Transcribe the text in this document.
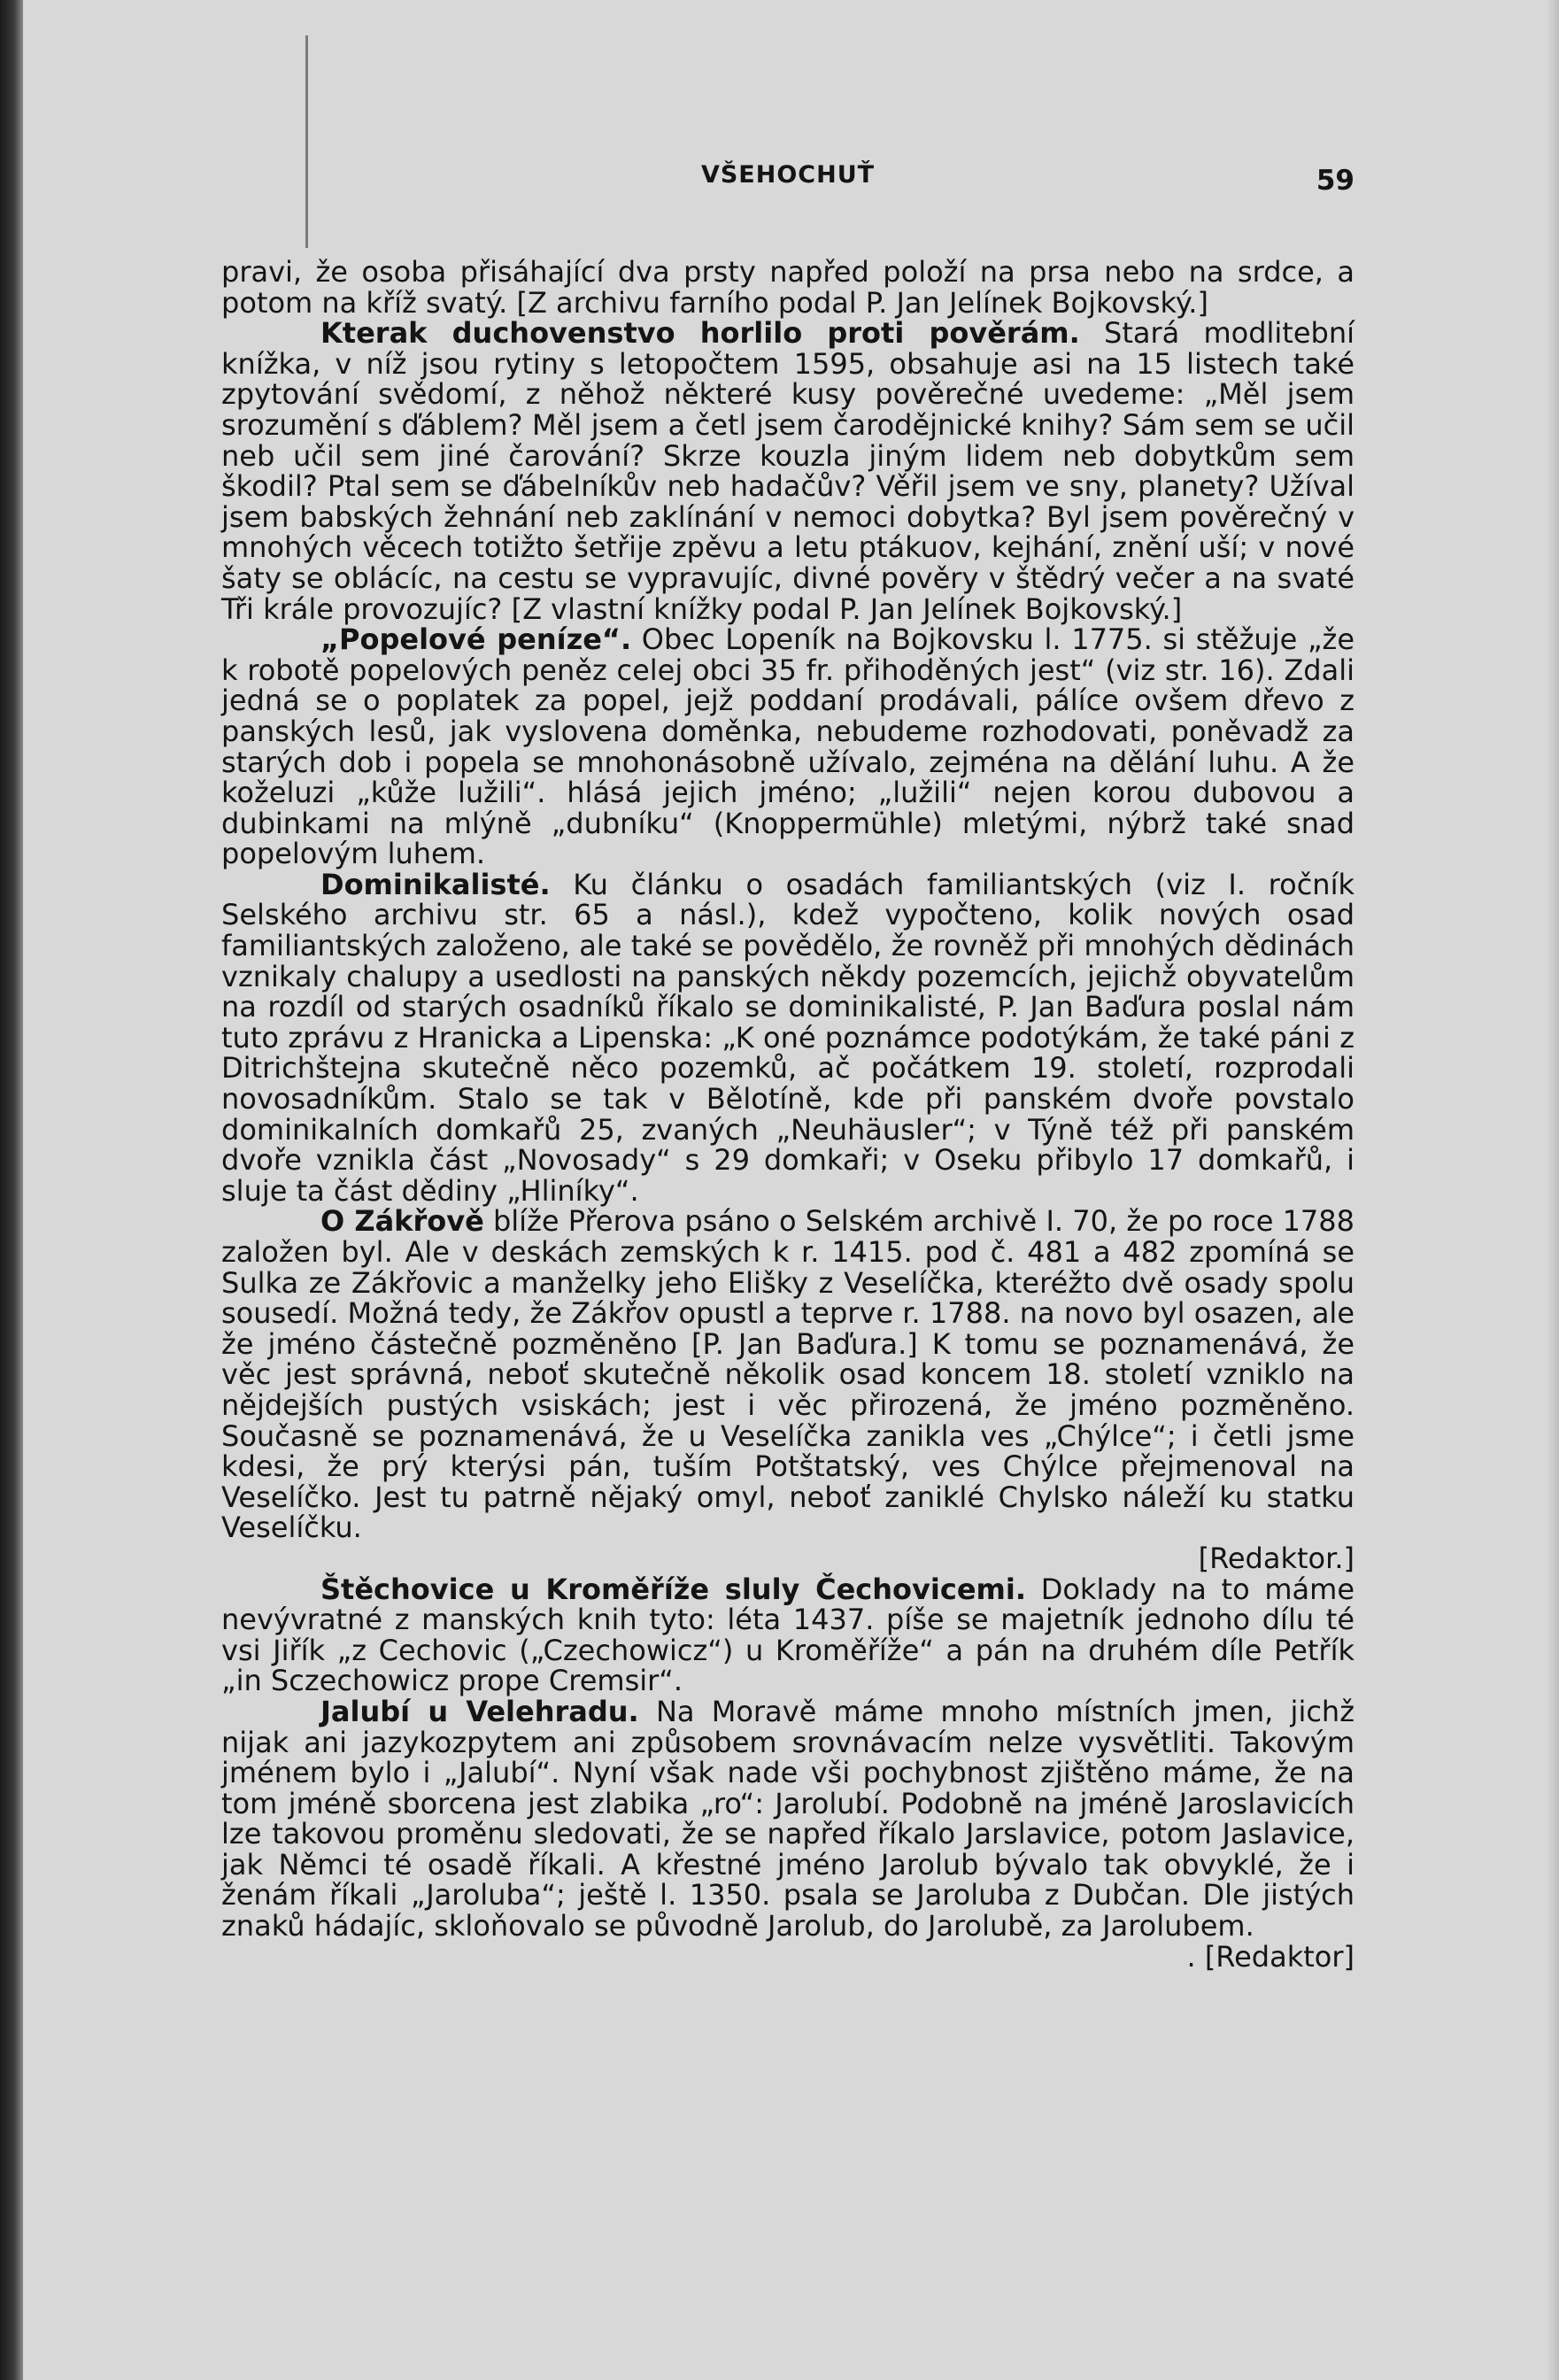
VŠEHOCHUŤ	59

pravi, že osoba přisáhající dva prsty napřed položí na prsa nebo na srdce, a potom na kříž svatý. [Z archivu farního podal P. Jan Jelínek Bojkovský.]

Kterak duchovenstvo horlilo proti pověrám. Stará modlitební knížka, v níž jsou rytiny s letopočtem 1595, obsahuje asi na 15 listech také zpytování svědomí, z něhož některé kusy pověrečné uvedeme: „Měl jsem srozumění s ďáblem? Měl jsem a četl jsem čarodějnické knihy? Sám sem se učil neb učil sem jiné čarování? Skrze kouzla jiným lidem neb dobytkům sem škodil? Ptal sem se ďábelníkův neb hadačův? Věřil jsem ve sny, planety? Užíval jsem babských žehnání neb zaklínání v nemoci dobytka? Byl jsem pověrečný v mnohých věcech totižto šetřije zpěvu a letu ptákuov, kejhání, znění uší; v nové šaty se oblácíc, na cestu se vypravujíc, divné pověry v štědrý večer a na svaté Tři krále provozujíc? [Z vlastní knížky podal P. Jan Jelínek Bojkovský.]

„Popelové peníze“. Obec Lopeník na Bojkovsku l. 1775. si stěžuje „že k robotě popelových peněz celej obci 35 fr. přihoděných jest“ (viz str. 16). Zdali jedná se o poplatek za popel, jejž poddaní prodávali, pálíce ovšem dřevo z panských lesů, jak vyslovena doměnka, nebudeme rozhodovati, poněvadž za starých dob i popela se mnohonásobně užívalo, zejména na dělání luhu. A že koželuzi „kůže lužili“. hlásá jejich jméno; „lužili“ nejen korou dubovou a dubinkami na mlýně „dubníku“ (Knoppermühle) mletými, nýbrž také snad popelovým luhem.

Dominikalisté. Ku článku o osadách familiantských (viz I. ročník Selského archivu str. 65 a násl.), kdež vypočteno, kolik nových osad familiantských založeno, ale také se povědělo, že rovněž při mnohých dědinách vznikaly chalupy a usedlosti na panských někdy pozemcích, jejichž obyvatelům na rozdíl od starých osadníků říkalo se dominikalisté, P. Jan Baďura poslal nám tuto zprávu z Hranicka a Lipenska: „K oné poznámce podotýkám, že také páni z Ditrichštejna skutečně něco pozemků, ač počátkem 19. století, rozprodali novosadníkům. Stalo se tak v Bělotíně, kde při panském dvoře povstalo dominikalních domkařů 25, zvaných „Neuhäusler“; v Týně též při panském dvoře vznikla část „Novosady“ s 29 domkaři; v Oseku přibylo 17 domkařů, i sluje ta část dědiny „Hliníky“.

O Zákřově blíže Přerova psáno o Selském archivě I. 70, že po roce 1788 založen byl. Ale v deskách zemských k r. 1415. pod č. 481 a 482 zpomíná se Sulka ze Zákřovic a manželky jeho Elišky z Veselíčka, kteréžto dvě osady spolu sousedí. Možná tedy, že Zákřov opustl a teprve r. 1788. na novo byl osazen, ale že jméno částečně pozměněno [P. Jan Baďura.] K tomu se poznamenává, že věc jest správná, neboť skutečně několik osad koncem 18. století vzniklo na nějdejších pustých vsiskách; jest i věc přirozená, že jméno pozměněno. Současně se poznamenává, že u Veselíčka zanikla ves „Chýlce“; i četli jsme kdesi, že prý kterýsi pán, tuším Potštatský, ves Chýlce přejmenoval na Veselíčko. Jest tu patrně nějaký omyl, neboť zaniklé Chylsko náleží ku statku Veselíčku.

[Redaktor.]

Štěchovice u Kroměříže sluly Čechovicemi. Doklady na to máme nevývratné z manských knih tyto: léta 1437. píše se majetník jednoho dílu té vsi Jiřík „z Cechovic („Czechowicz“) u Kroměříže“ a pán na druhém díle Petřík „in Sczechowicz prope Cremsir“.

Jalubí u Velehradu. Na Moravě máme mnoho místních jmen, jichž nijak ani jazykozpytem ani způsobem srovnávacím nelze vysvětliti. Takovým jménem bylo i „Jalubí“. Nyní však nade vši pochybnost zjištěno máme, že na tom jméně sborcena jest zlabika „ro“: Jarolubí. Podobně na jméně Jaroslavicích lze takovou proměnu sledovati, že se napřed říkalo Jarslavice, potom Jaslavice, jak Němci té osadě říkali. A křestné jméno Jarolub bývalo tak obvyklé, že i ženám říkali „Jaroluba“; ještě l. 1350. psala se Jaroluba z Dubčan. Dle jistých znaků hádajíc, skloňovalo se původně Jarolub, do Jarolubě, za Jarolubem.

. [Redaktor]
